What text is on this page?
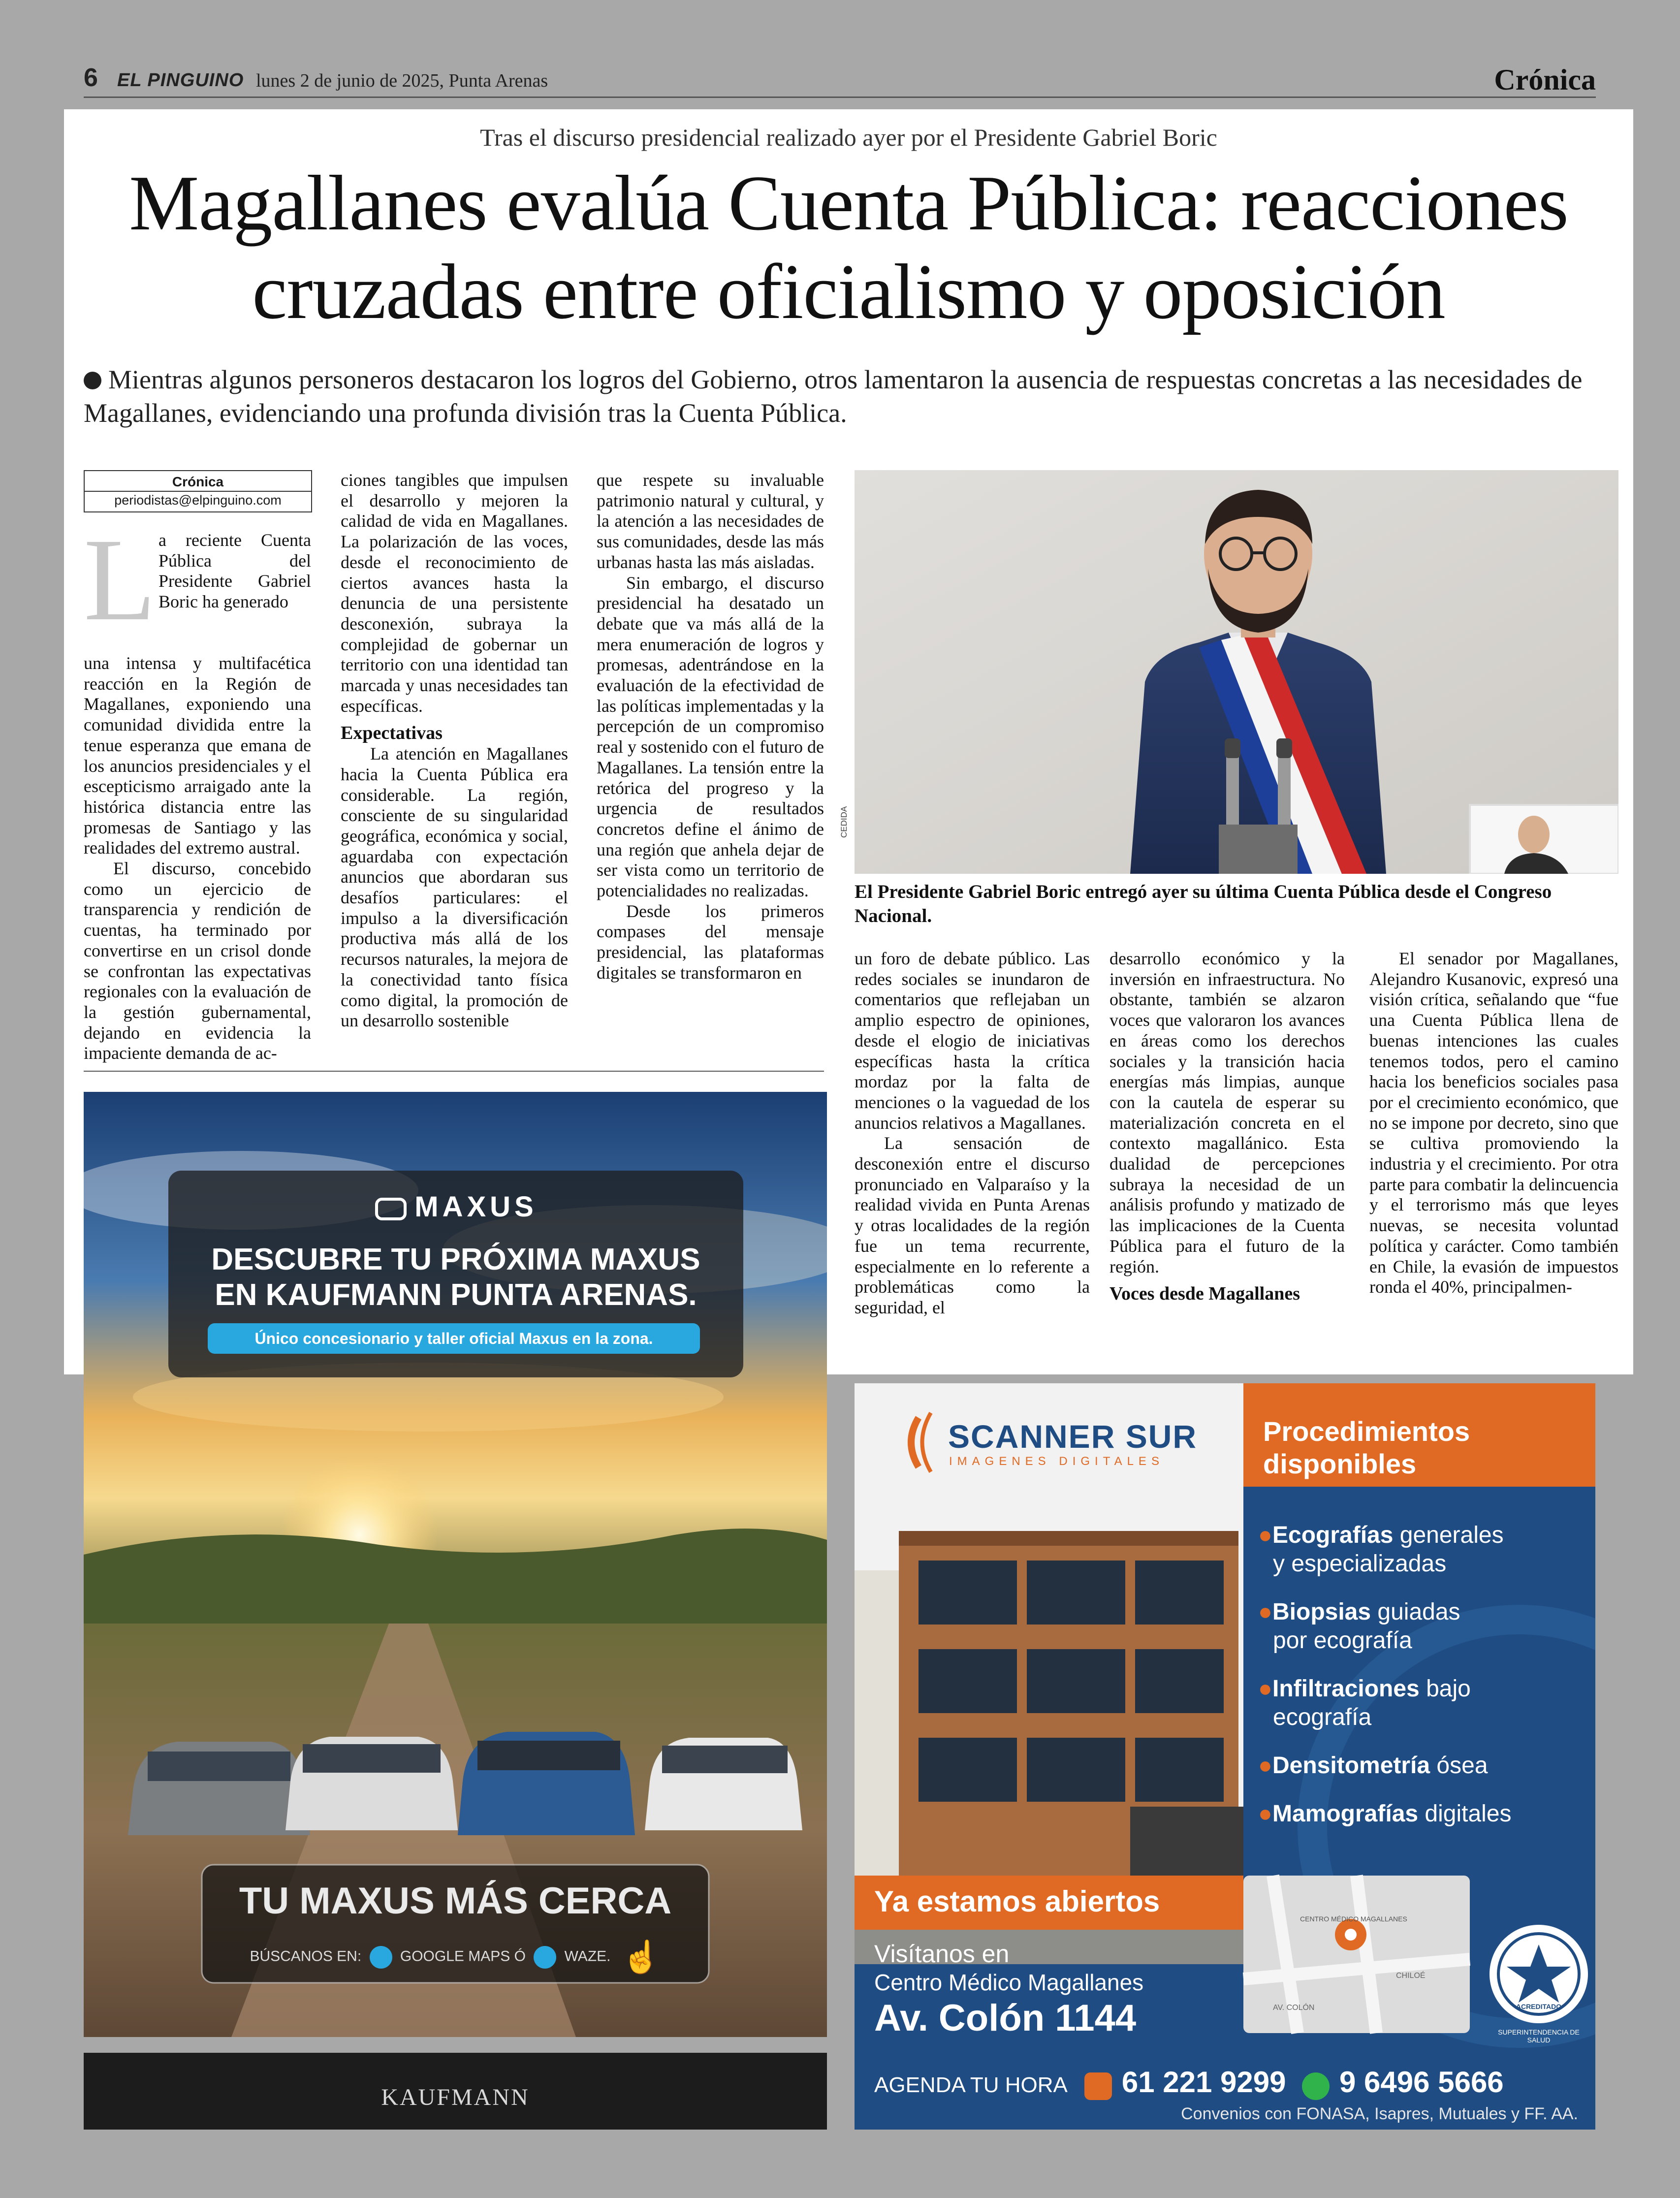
6 EL PINGUINO lunes 2 de junio de 2025, Punta Arenas	Crónica
Tras el discurso presidencial realizado ayer por el Presidente Gabriel Boric
Magallanes evalúa Cuenta Pública: reacciones
cruzadas entre oficialismo y oposición
Mientras algunos personeros destacaron los logros del Gobierno, otros lamentaron la ausencia de respuestas concretas a las necesidades de Magallanes, evidenciando una profunda división tras la Cuenta Pública.
Crónica
periodistas@elpinguino.com
L a reciente Cuenta Pública del Presidente Gabriel Boric ha generado

una intensa y multifacética reacción en la Región de Magallanes, exponiendo una comunidad dividida entre la tenue esperanza que emana de los anuncios presidenciales y el escepticismo arraigado ante la histórica distancia entre las promesas de Santiago y las realidades del extremo austral.

El discurso, concebido como un ejercicio de transparencia y rendición de cuentas, ha terminado por convertirse en un crisol donde se confrontan las expectativas regionales con la evaluación de la gestión gubernamental, dejando en evidencia la impaciente demanda de ac-

ciones tangibles que impulsen el desarrollo y mejoren la calidad de vida en Magallanes. La polarización de las voces, desde el reconocimiento de ciertos avances hasta la denuncia de una persistente desconexión, subraya la complejidad de gobernar un territorio con una identidad tan marcada y unas necesidades tan específicas.

Expectativas

La atención en Magallanes hacia la Cuenta Pública era considerable. La región, consciente de su singularidad geográfica, económica y social, aguardaba con expectación anuncios que abordaran sus desafíos particulares: el impulso a la diversificación productiva más allá de los recursos naturales, la mejora de la conectividad tanto física como digital, la promoción de un desarrollo sostenible

que respete su invaluable patrimonio natural y cultural, y la atención a las necesidades de sus comunidades, desde las más urbanas hasta las más aisladas.

Sin embargo, el discurso presidencial ha desatado un debate que va más allá de la mera enumeración de logros y promesas, adentrándose en la evaluación de la efectividad de las políticas implementadas y la percepción de un compromiso real y sostenido con el futuro de Magallanes. La tensión entre la retórica del progreso y la urgencia de resultados concretos define el ánimo de una región que anhela dejar de ser vista como un territorio de potencialidades no realizadas.

Desde los primeros compases del mensaje presidencial, las plataformas digitales se transformaron en

CEDIDA
El Presidente Gabriel Boric entregó ayer su última Cuenta Pública desde el Congreso Nacional.

un foro de debate público. Las redes sociales se inundaron de comentarios que reflejaban un amplio espectro de opiniones, desde el elogio de iniciativas específicas hasta la crítica mordaz por la falta de menciones o la vaguedad de los anuncios relativos a Magallanes.

La sensación de desconexión entre el discurso pronunciado en Valparaíso y la realidad vivida en Punta Arenas y otras localidades de la región fue un tema recurrente, especialmente en lo referente a problemáticas como la seguridad, el

desarrollo económico y la inversión en infraestructura. No obstante, también se alzaron voces que valoraron los avances en áreas como los derechos sociales y la transición hacia energías más limpias, aunque con la cautela de esperar su materialización concreta en el contexto magallánico. Esta dualidad de percepciones subraya la necesidad de un análisis profundo y matizado de las implicaciones de la Cuenta Pública para el futuro de la región.

Voces desde Magallanes

El senador por Magallanes, Alejandro Kusanovic, expresó una visión crítica, señalando que “fue una Cuenta Pública llena de buenas intenciones las cuales tenemos todos, pero el camino hacia los beneficios sociales pasa por el crecimiento económico, que no se impone por decreto, sino que se cultiva promoviendo la industria y el crecimiento. Por otra parte para combatir la delincuencia y el terrorismo más que leyes nuevas, se necesita voluntad política y carácter. Como también en Chile, la evasión de impuestos ronda el 40%, principalmen-

MAXUS
DESCUBRE TU PRÓXIMA MAXUS
EN KAUFMANN PUNTA ARENAS.
Único concesionario y taller oficial Maxus en la zona.
TU MAXUS MÁS CERCA
BÚSCANOS EN:	GOOGLE MAPS Ó	WAZE. ☝
KAUFMANN
SCANNER SUR
IMAGENES DIGITALES
Procedimientos
disponibles
●Ecografías generales
y especializadas
●Biopsias guiadas
por ecografía
●Infiltraciones bajo
ecografía
●Densitometría ósea
●Mamografías digitales
Ya estamos abiertos
Visítanos en
Centro Médico Magallanes
Av. Colón 1144
CENTRO MÉDICO MAGALLANES
AV. COLÓN
CHILOÉ
ACREDITADO
SUPERINTENDENCIA DE SALUD
AGENDA TU HORA 61 221 9299 9 6496 5666
Convenios con FONASA, Isapres, Mutuales y FF. AA.
